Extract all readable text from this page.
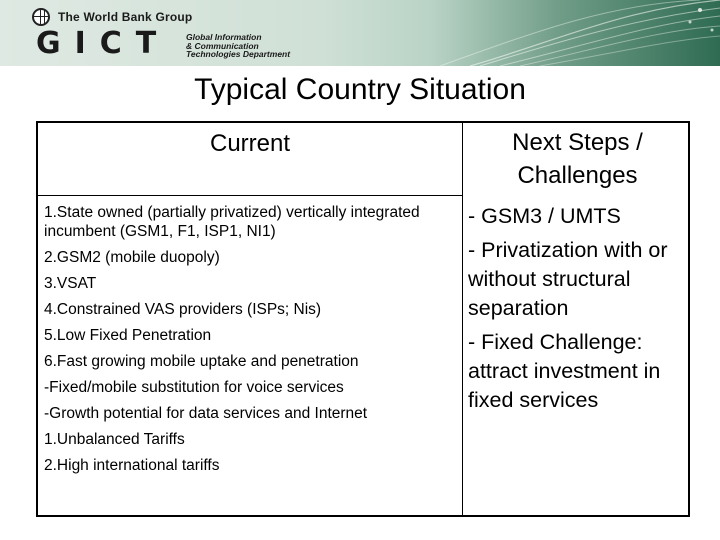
The World Bank Group
GICT Global Information
& Communication
Technologies Department
Typical Country Situation
Current	Next Steps /
Challenges
1.State owned (partially privatized) vertically integrated incumbent (GSM1, F1, ISP1, NI1)
2.GSM2 (mobile duopoly)
3.VSAT
4.Constrained VAS providers (ISPs; Nis)
5.Low Fixed Penetration
6.Fast growing mobile uptake and penetration
-Fixed/mobile substitution for voice services
-Growth potential for data services and Internet
1.Unbalanced Tariffs
2.High international tariffs
- GSM3 / UMTS
- Privatization with or without structural separation
- Fixed Challenge: attract investment in fixed services
